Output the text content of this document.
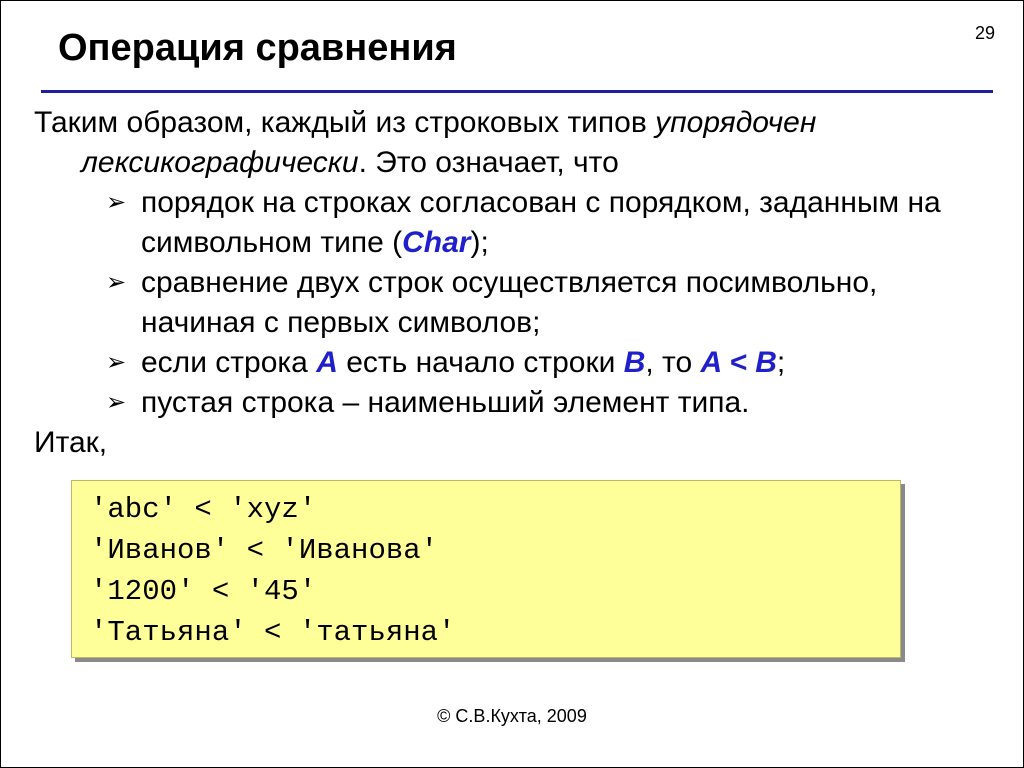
29
Операция сравнения

Таким образом, каждый из строковых типов упорядочен
лексикографически. Это означает, что

➢ порядок на строках согласован с порядком, заданным на символьном типе (Char);
➢ сравнение двух строк осуществляется посимвольно, начиная с первых символов;
➢ если строка A есть начало строки B, то A < B;
➢ пустая строка – наименьший элемент типа.

Итак,

'abc' < 'xyz'
'Иванов' < 'Иванова'
'1200' < '45'
'Татьяна' < 'татьяна'
© С.В.Кухта, 2009
